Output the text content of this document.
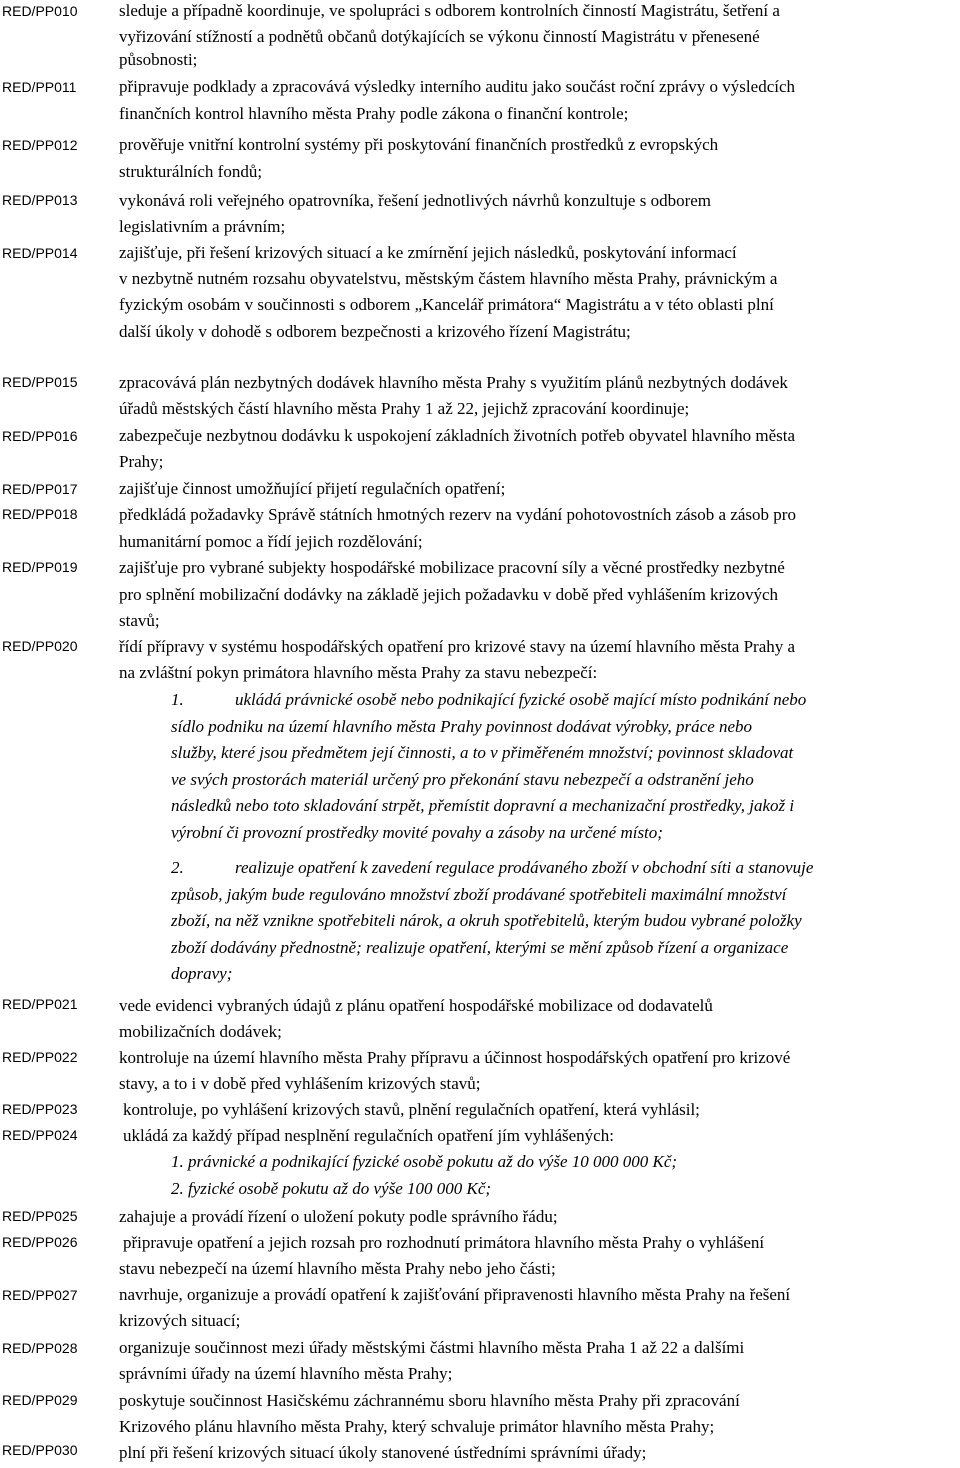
RED/PP010
RED/PP011
RED/PP012
RED/PP013
RED/PP014
RED/PP015
RED/PP016
RED/PP017
RED/PP018
RED/PP019
RED/PP020
RED/PP021
RED/PP022
RED/PP023
RED/PP024
RED/PP025
RED/PP026
RED/PP027
RED/PP028
RED/PP029
RED/PP030
sleduje a případně koordinuje, ve spolupráci s odborem kontrolních činností Magistrátu, šetření a
vyřizování stížností a podnětů občanů dotýkajících se výkonu činností Magistrátu v přenesené
působnosti;
připravuje podklady a zpracovává výsledky interního auditu jako součást roční zprávy o výsledcích
finančních kontrol hlavního města Prahy podle zákona o finanční kontrole;
prověřuje vnitřní kontrolní systémy při poskytování finančních prostředků z evropských
strukturálních fondů;
vykonává roli veřejného opatrovníka, řešení jednotlivých návrhů konzultuje s odborem
legislativním a právním;
zajišťuje, při řešení krizových situací a ke zmírnění jejich následků, poskytování informací
v nezbytně nutném rozsahu obyvatelstvu, městským částem hlavního města Prahy, právnickým a
fyzickým osobám v součinnosti s odborem „Kancelář primátora“ Magistrátu a v této oblasti plní
další úkoly v dohodě s odborem bezpečnosti a krizového řízení Magistrátu;
zpracovává plán nezbytných dodávek hlavního města Prahy s využitím plánů nezbytných dodávek
úřadů městských částí hlavního města Prahy 1 až 22, jejichž zpracování koordinuje;
zabezpečuje nezbytnou dodávku k uspokojení základních životních potřeb obyvatel hlavního města
Prahy;
zajišťuje činnost umožňující přijetí regulačních opatření;
předkládá požadavky Správě státních hmotných rezerv na vydání pohotovostních zásob a zásob pro
humanitární pomoc a řídí jejich rozdělování;
zajišťuje pro vybrané subjekty hospodářské mobilizace pracovní síly a věcné prostředky nezbytné
pro splnění mobilizační dodávky na základě jejich požadavku v době před vyhlášením krizových
stavů;
řídí přípravy v systému hospodářských opatření pro krizové stavy na území hlavního města Prahy a
na zvláštní pokyn primátora hlavního města Prahy za stavu nebezpečí:
1.	ukládá právnické osobě nebo podnikající fyzické osobě mající místo podnikání nebo
sídlo podniku na území hlavního města Prahy povinnost dodávat výrobky, práce nebo
služby, které jsou předmětem její činnosti, a to v přiměřeném množství; povinnost skladovat
ve svých prostorách materiál určený pro překonání stavu nebezpečí a odstranění jeho
následků nebo toto skladování strpět, přemístit dopravní a mechanizační prostředky, jakož i
výrobní či provozní prostředky movité povahy a zásoby na určené místo;
2.	realizuje opatření k zavedení regulace prodávaného zboží v obchodní síti a stanovuje
způsob, jakým bude regulováno množství zboží prodávané spotřebiteli maximální množství
zboží, na něž vznikne spotřebiteli nárok, a okruh spotřebitelů, kterým budou vybrané položky
zboží dodávány přednostně; realizuje opatření, kterými se mění způsob řízení a organizace
dopravy;
vede evidenci vybraných údajů z plánu opatření hospodářské mobilizace od dodavatelů
mobilizačních dodávek;
kontroluje na území hlavního města Prahy přípravu a účinnost hospodářských opatření pro krizové
stavy, a to i v době před vyhlášením krizových stavů;
kontroluje, po vyhlášení krizových stavů, plnění regulačních opatření, která vyhlásil;
ukládá za každý případ nesplnění regulačních opatření jím vyhlášených:
1. právnické a podnikající fyzické osobě pokutu až do výše 10 000 000 Kč;
2. fyzické osobě pokutu až do výše 100 000 Kč;
zahajuje a provádí řízení o uložení pokuty podle správního řádu;
připravuje opatření a jejich rozsah pro rozhodnutí primátora hlavního města Prahy o vyhlášení
stavu nebezpečí na území hlavního města Prahy nebo jeho části;
navrhuje, organizuje a provádí opatření k zajišťování připravenosti hlavního města Prahy na řešení
krizových situací;
organizuje součinnost mezi úřady městskými částmi hlavního města Praha 1 až 22 a dalšími
správními úřady na území hlavního města Prahy;
poskytuje součinnost Hasičskému záchrannému sboru hlavního města Prahy při zpracování
Krizového plánu hlavního města Prahy, který schvaluje primátor hlavního města Prahy;
plní při řešení krizových situací úkoly stanovené ústředními správními úřady;
